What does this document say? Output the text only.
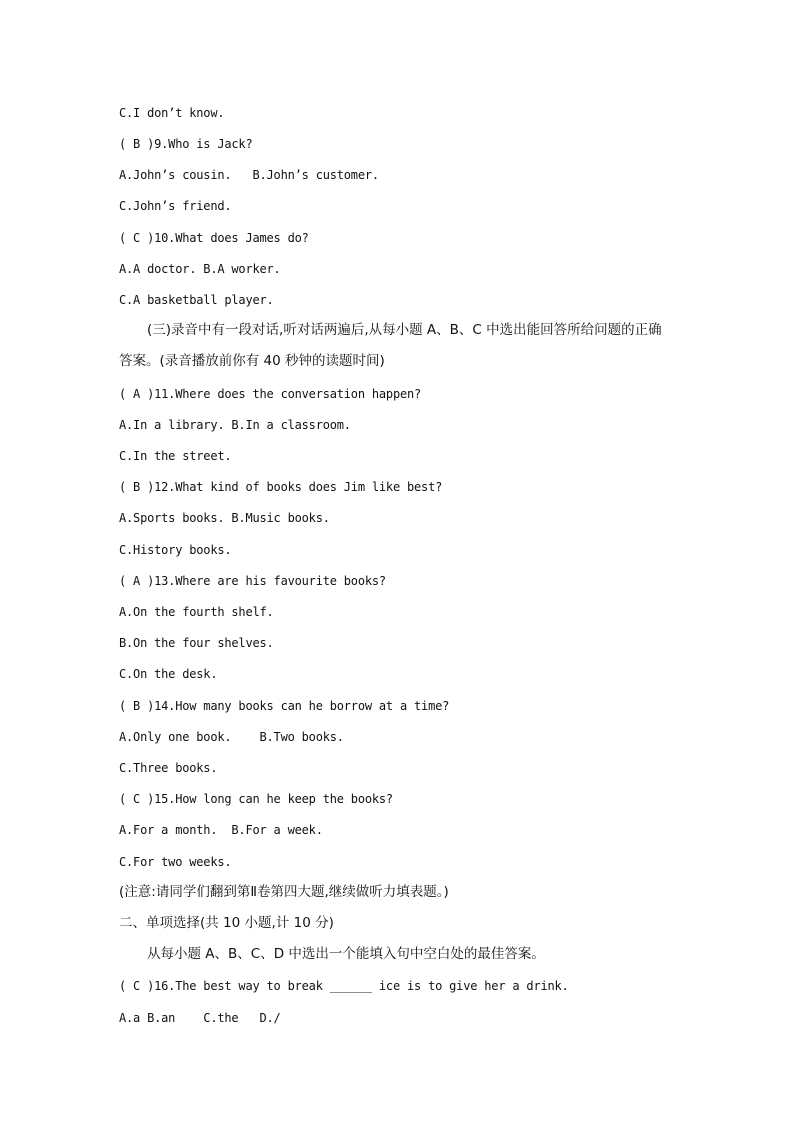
C.I don’t know.
( B )9.Who is Jack?
A.John’s cousin.   B.John’s customer.
C.John’s friend.
( C )10.What does James do?
A.A doctor. B.A worker.
C.A basketball player.
(三)录音中有一段对话,听对话两遍后,从每小题 A、B、C 中选出能回答所给问题的正确
答案。(录音播放前你有 40 秒钟的读题时间)
( A )11.Where does the conversation happen?
A.In a library. B.In a classroom.
C.In the street.
( B )12.What kind of books does Jim like best?
A.Sports books. B.Music books.
C.History books.
( A )13.Where are his favourite books?
A.On the fourth shelf.
B.On the four shelves.
C.On the desk.
( B )14.How many books can he borrow at a time?
A.Only one book.    B.Two books.
C.Three books.
( C )15.How long can he keep the books?
A.For a month.  B.For a week.
C.For two weeks.
(注意:请同学们翻到第Ⅱ卷第四大题,继续做听力填表题。)
二、单项选择(共 10 小题,计 10 分)
从每小题 A、B、C、D 中选出一个能填入句中空白处的最佳答案。
( C )16.The best way to break ______ ice is to give her a drink.
A.a B.an    C.the   D./
